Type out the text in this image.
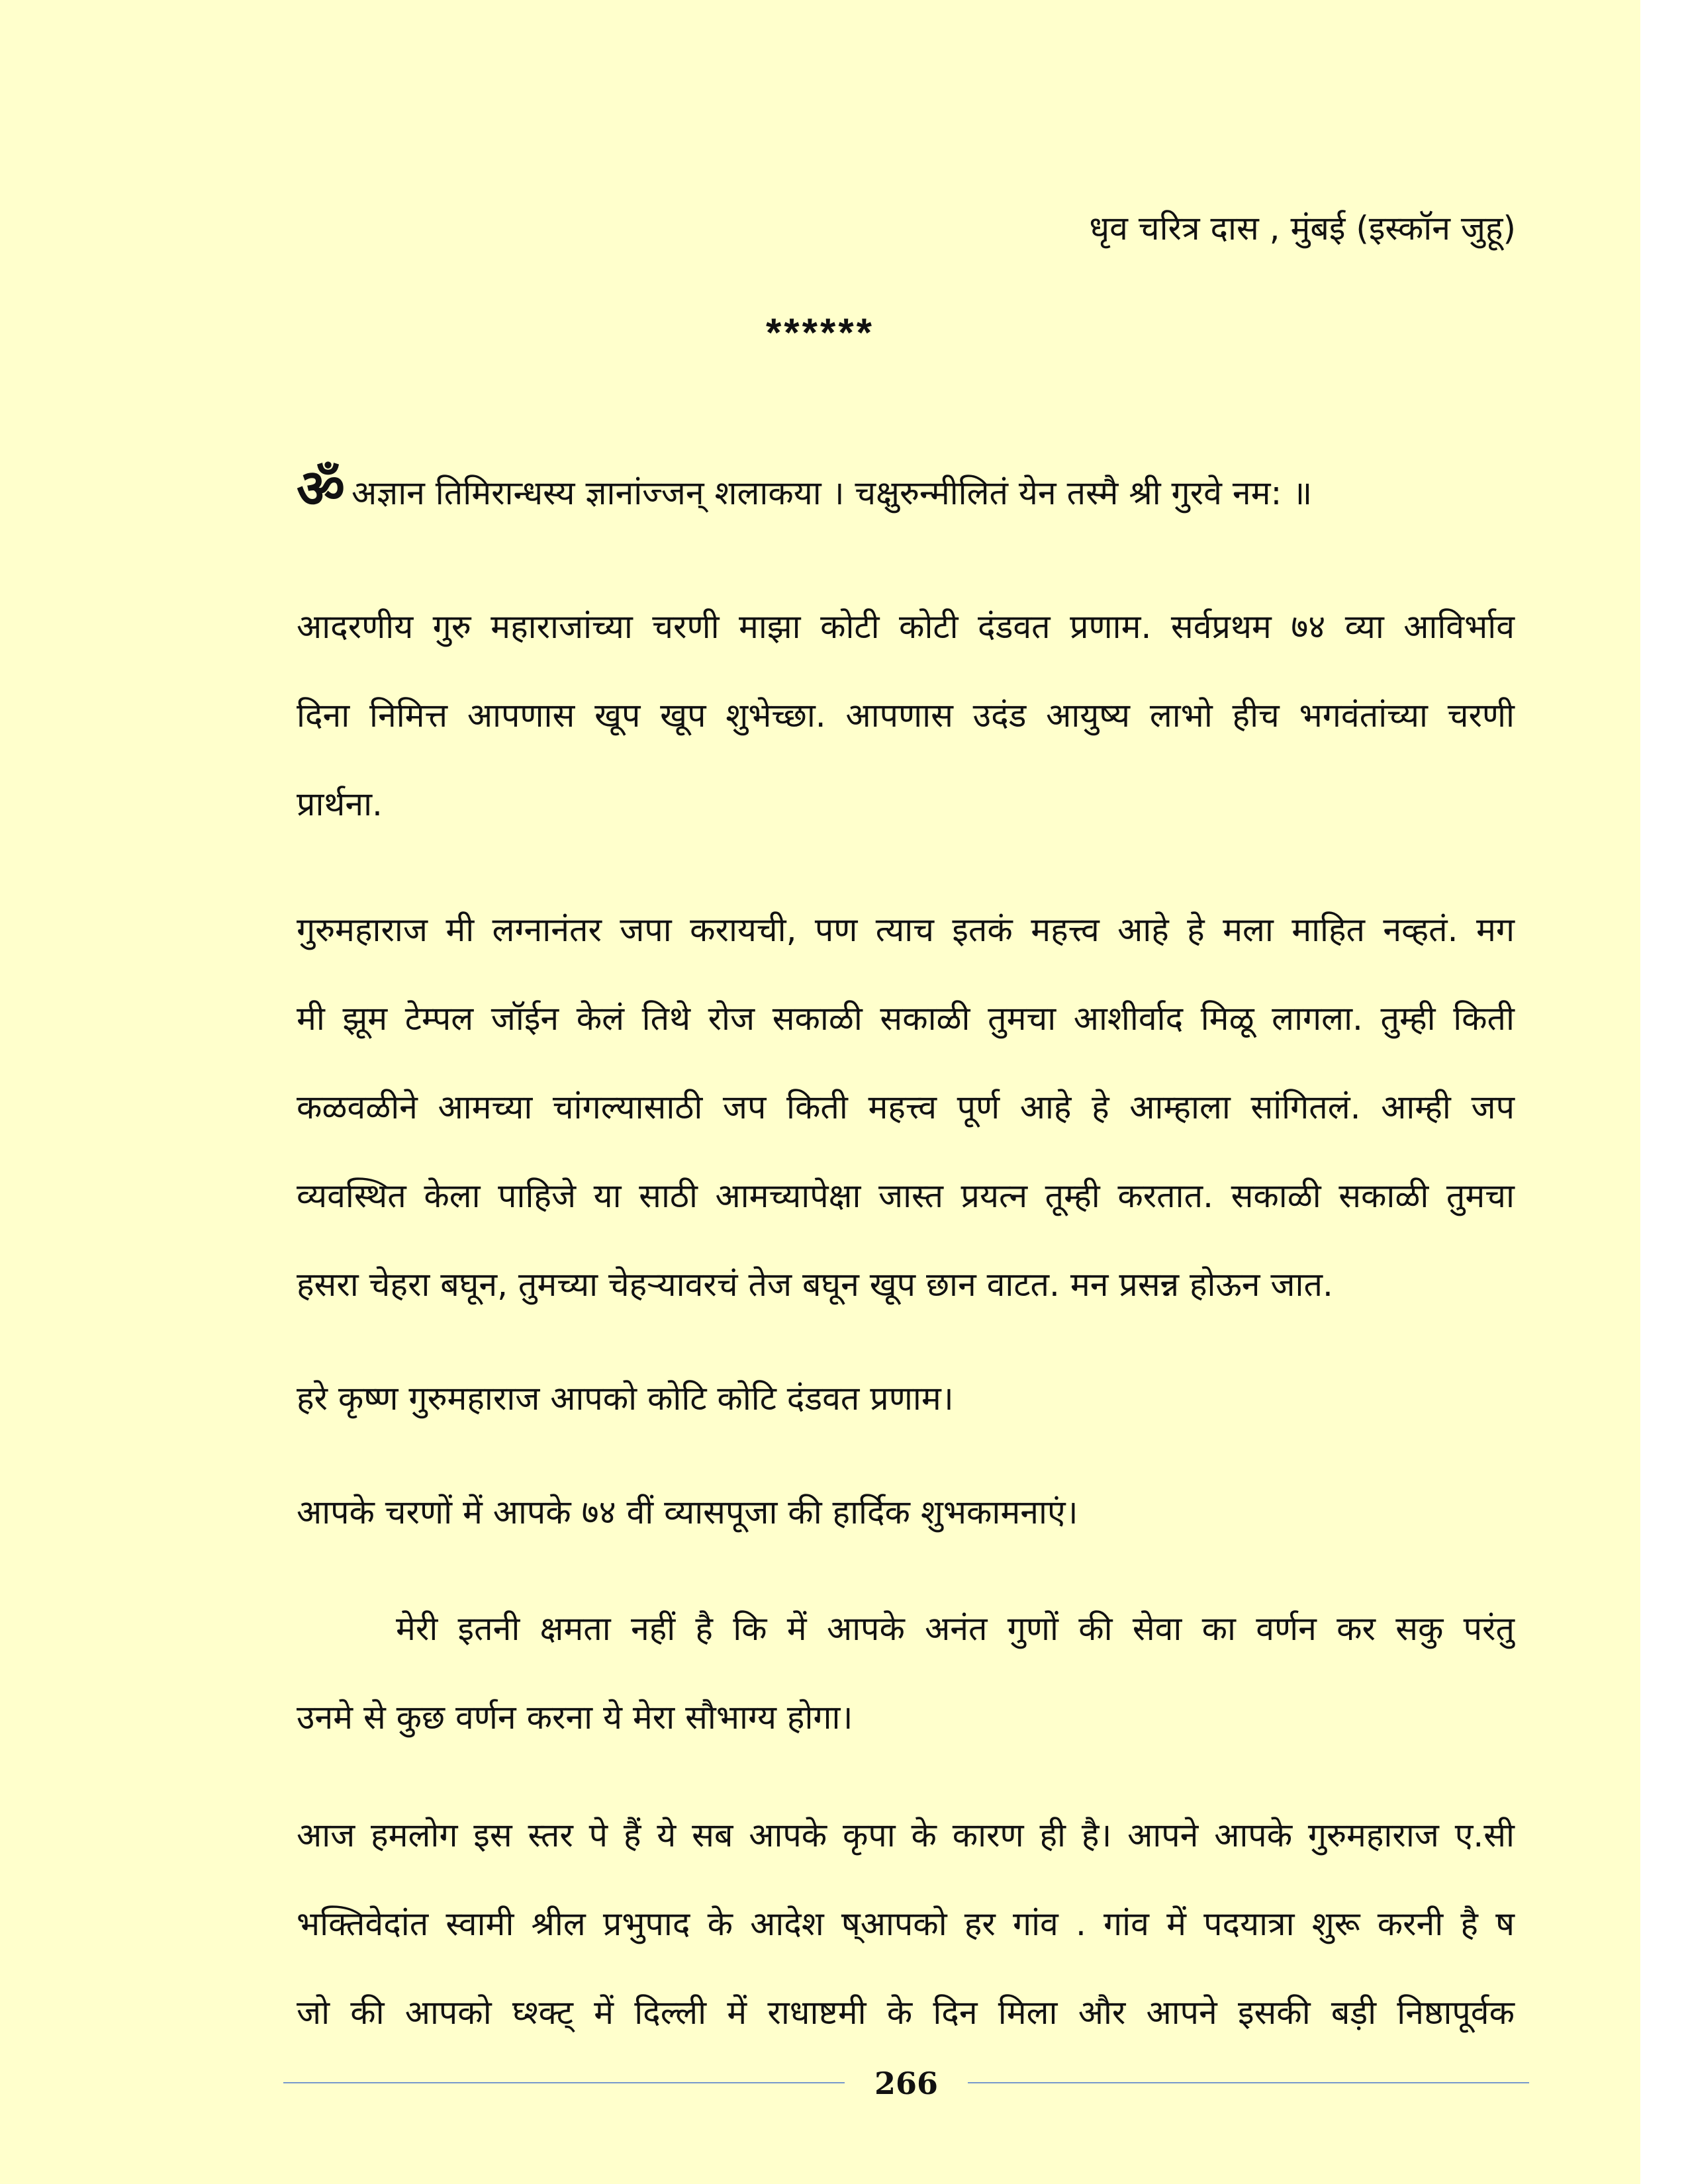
धृव चरित्र दास , मुंबई (इस्कॉन जुहू)
******
ॐअज्ञान तिमिरान्धस्य ज्ञानांज्जन् शलाकया । चक्षुरुन्मीलितं येन तस्मै श्री गुरवे नम: ॥
आदरणीय गुरु महाराजांच्या चरणी माझा कोटी कोटी दंडवत प्रणाम. सर्वप्रथम ७४ व्या आविर्भाव
दिना निमित्त आपणास खूप खूप शुभेच्छा. आपणास उदंड आयुष्य लाभो हीच भगवंतांच्या चरणी
प्रार्थना.
गुरुमहाराज मी लग्नानंतर जपा करायची, पण त्याच इतकं महत्त्व आहे हे मला माहित नव्हतं. मग
मी झूम टेम्पल जॉईन केलं तिथे रोज सकाळी सकाळी तुमचा आशीर्वाद मिळू लागला. तुम्ही किती
कळवळीने आमच्या चांगल्यासाठी जप किती महत्त्व पूर्ण आहे हे आम्हाला सांगितलं. आम्ही जप
व्यवस्थित केला पाहिजे या साठी आमच्यापेक्षा जास्त प्रयत्न तूम्ही करतात. सकाळी सकाळी तुमचा
हसरा चेहरा बघून, तुमच्या चेहऱ्यावरचं तेज बघून खूप छान वाटत. मन प्रसन्न होऊन जात.
हरे कृष्ण गुरुमहाराज आपको कोटि कोटि दंडवत प्रणाम।
आपके चरणों में आपके ७४ वीं व्यासपूजा की हार्दिक शुभकामनाएं।
मेरी इतनी क्षमता नहीं है कि में आपके अनंत गुणों की सेवा का वर्णन कर सकु परंतु
उनमे से कुछ वर्णन करना ये मेरा सौभाग्य होगा।
आज हमलोग इस स्तर पे हैं ये सब आपके कृपा के कारण ही है। आपने आपके गुरुमहाराज ए.सी
भक्तिवेदांत स्वामी श्रील प्रभुपाद के आदेश ष्आपको हर गांव . गांव में पदयात्रा शुरू करनी है ष
जो की आपको घ्श्क्ट् में दिल्ली में राधाष्टमी के दिन मिला और आपने इसकी बड़ी निष्ठापूर्वक
266
